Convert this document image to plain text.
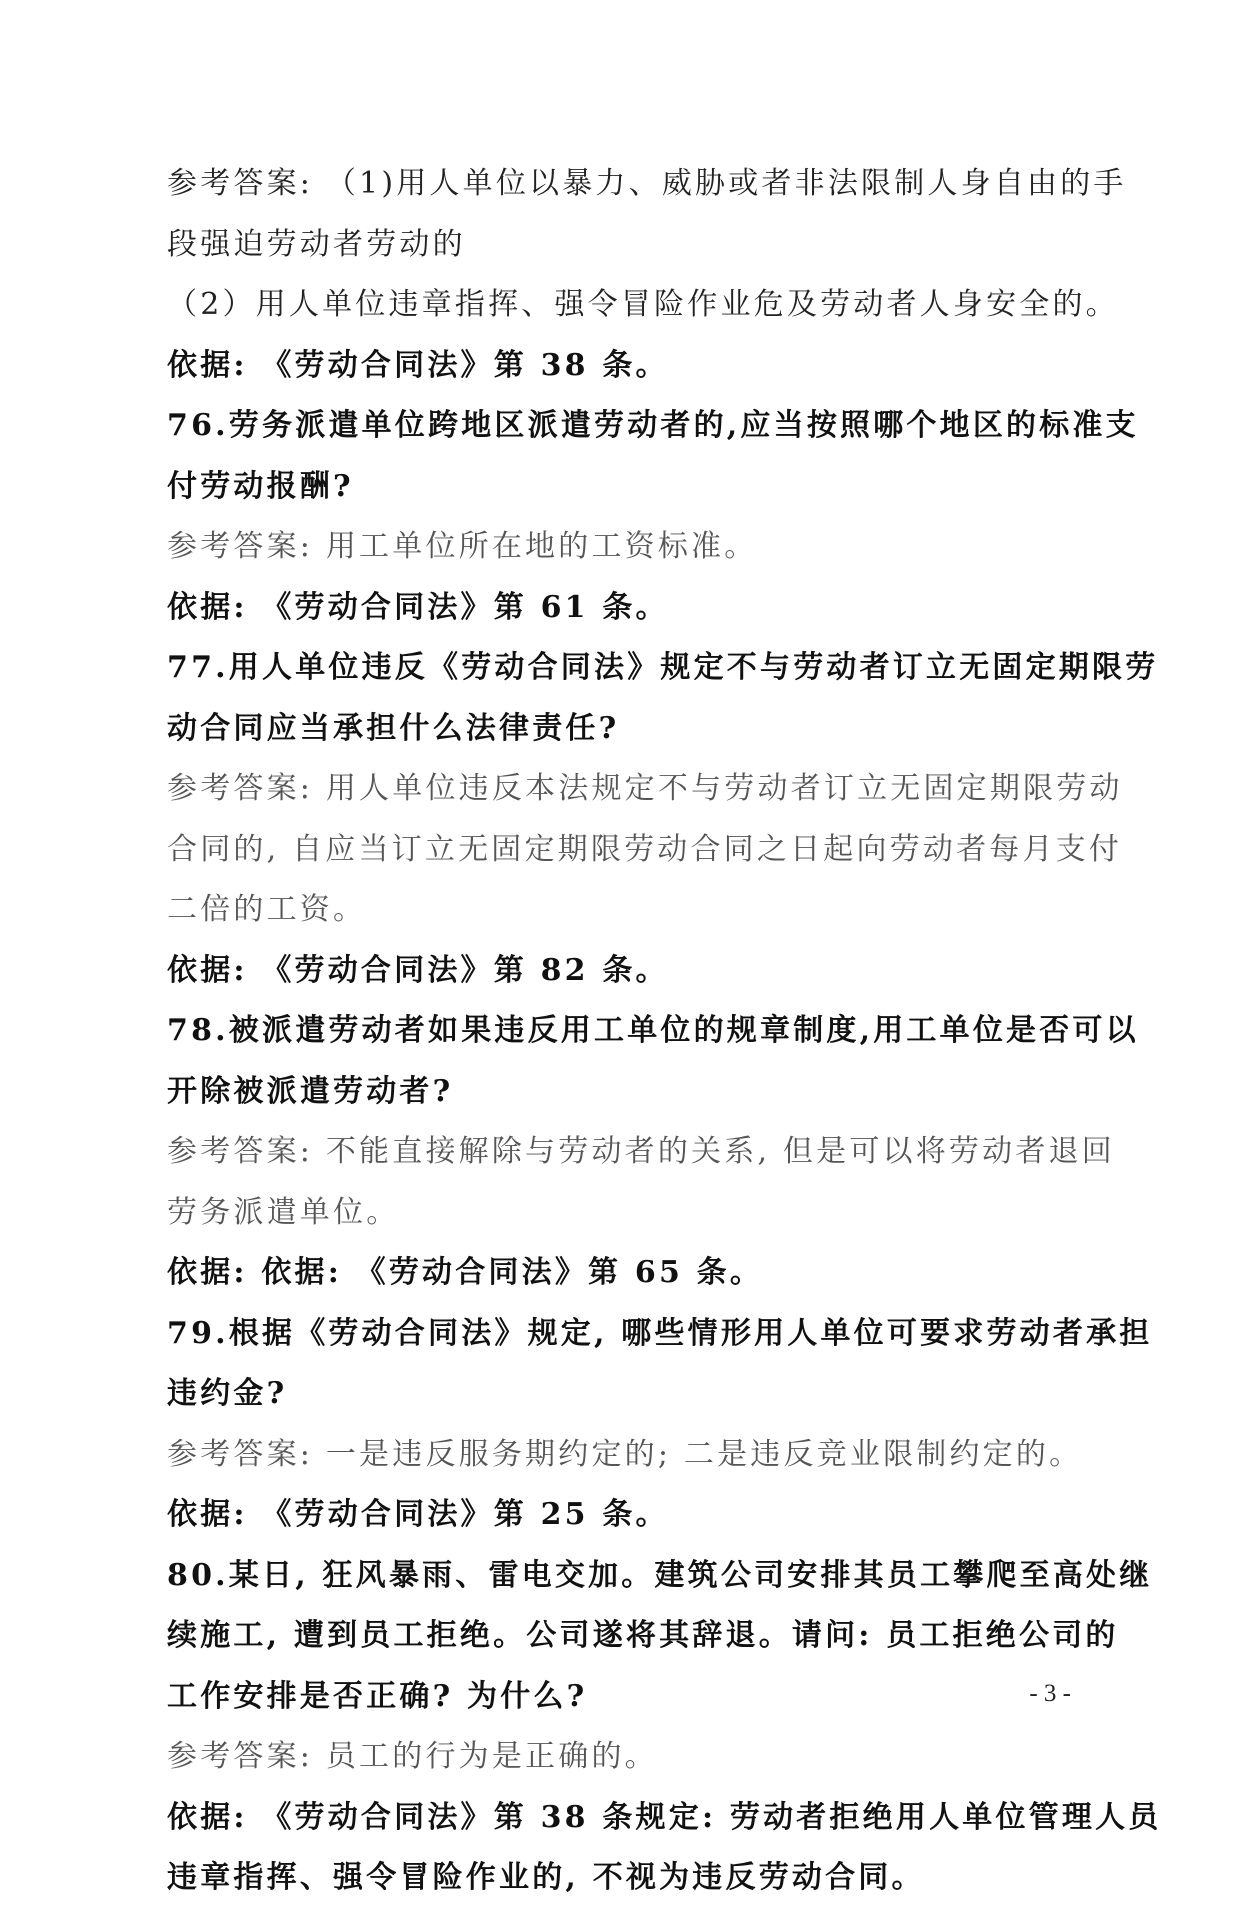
参考答案: （1)用人单位以暴力、威胁或者非法限制人身自由的手
段强迫劳动者劳动的
（2）用人单位违章指挥、强令冒险作业危及劳动者人身安全的。
依据: 《劳动合同法》第 38 条。
76.劳务派遣单位跨地区派遣劳动者的,应当按照哪个地区的标准支
付劳动报酬?
参考答案: 用工单位所在地的工资标准。
依据: 《劳动合同法》第 61 条。
77.用人单位违反《劳动合同法》规定不与劳动者订立无固定期限劳
动合同应当承担什么法律责任?
参考答案: 用人单位违反本法规定不与劳动者订立无固定期限劳动
合同的, 自应当订立无固定期限劳动合同之日起向劳动者每月支付
二倍的工资。
依据: 《劳动合同法》第 82 条。
78.被派遣劳动者如果违反用工单位的规章制度,用工单位是否可以
开除被派遣劳动者?
参考答案: 不能直接解除与劳动者的关系, 但是可以将劳动者退回
劳务派遣单位。
依据: 依据: 《劳动合同法》第 65 条。
79.根据《劳动合同法》规定, 哪些情形用人单位可要求劳动者承担
违约金?
参考答案: 一是违反服务期约定的; 二是违反竞业限制约定的。
依据: 《劳动合同法》第 25 条。
80.某日, 狂风暴雨、雷电交加。建筑公司安排其员工攀爬至高处继
续施工, 遭到员工拒绝。公司遂将其辞退。请问: 员工拒绝公司的
工作安排是否正确? 为什么?
参考答案: 员工的行为是正确的。
依据: 《劳动合同法》第 38 条规定: 劳动者拒绝用人单位管理人员
违章指挥、强令冒险作业的, 不视为违反劳动合同。
- 3 -
